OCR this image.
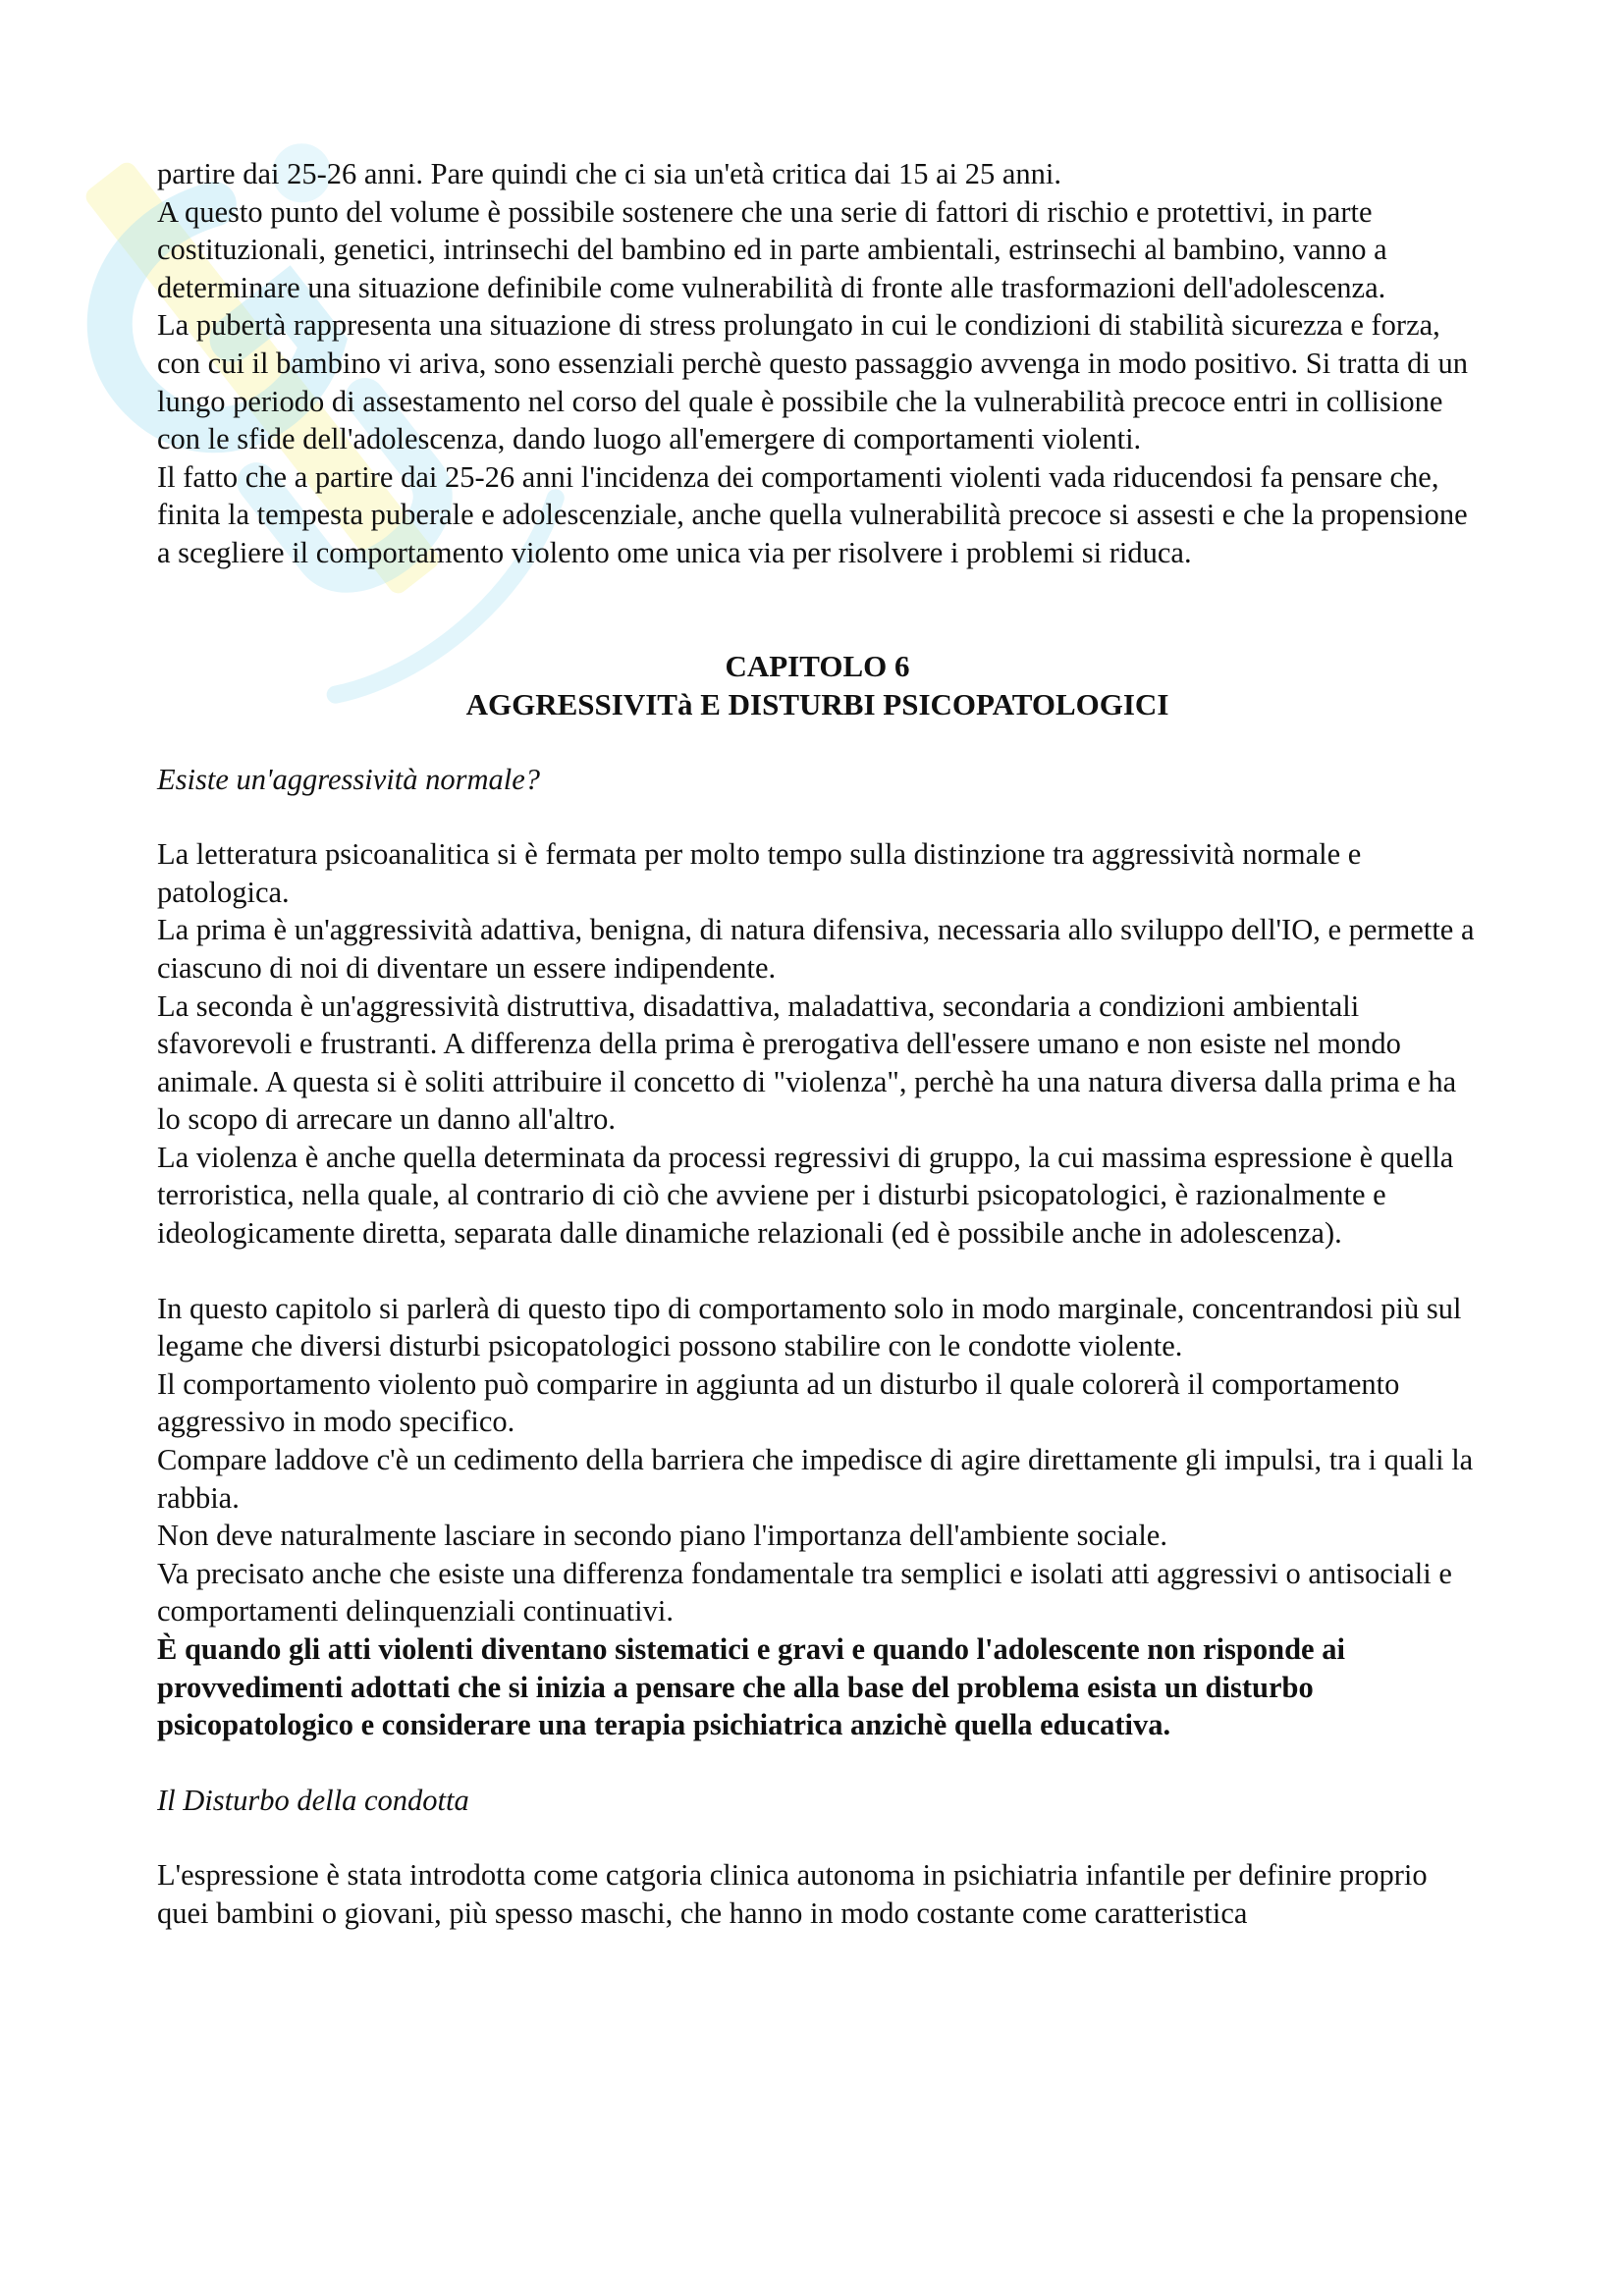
partire dai 25-26 anni. Pare quindi che ci sia un'età critica dai 15 ai 25 anni.

A questo punto del volume è possibile sostenere che una serie di fattori di rischio e protettivi, in parte costituzionali, genetici, intrinsechi del bambino ed in parte ambientali, estrinsechi al bambino, vanno a determinare una situazione definibile come vulnerabilità di fronte alle trasformazioni dell'adolescenza.

La pubertà rappresenta una situazione di stress prolungato in cui le condizioni di stabilità sicurezza e forza, con cui il bambino vi ariva, sono essenziali perchè questo passaggio avvenga in modo positivo. Si tratta di un lungo periodo di assestamento nel corso del quale è possibile che la vulnerabilità precoce entri in collisione con le sfide dell'adolescenza, dando luogo all'emergere di comportamenti violenti.

Il fatto che a partire dai 25-26 anni l'incidenza dei comportamenti violenti vada riducendosi fa pensare che, finita la tempesta puberale e adolescenziale, anche quella vulnerabilità precoce si assesti e che la propensione a scegliere il comportamento violento ome unica via per risolvere i problemi si riduca.

CAPITOLO 6

AGGRESSIVITà E DISTURBI PSICOPATOLOGICI

Esiste un'aggressività normale?

La letteratura psicoanalitica si è fermata per molto tempo sulla distinzione tra aggressività normale e patologica.

La prima è un'aggressività adattiva, benigna, di natura difensiva, necessaria allo sviluppo dell'IO, e permette a ciascuno di noi di diventare un essere indipendente.

La seconda è un'aggressività distruttiva, disadattiva, maladattiva, secondaria a condizioni ambientali sfavorevoli e frustranti. A differenza della prima è prerogativa dell'essere umano e non esiste nel mondo animale. A questa si è soliti attribuire il concetto di "violenza", perchè ha una natura diversa dalla prima e ha lo scopo di arrecare un danno all'altro.

La violenza è anche quella determinata da processi regressivi di gruppo, la cui massima espressione è quella terroristica, nella quale, al contrario di ciò che avviene per i disturbi psicopatologici, è razionalmente e ideologicamente diretta, separata dalle dinamiche relazionali (ed è possibile anche in adolescenza).

In questo capitolo si parlerà di questo tipo di comportamento solo in modo marginale, concentrandosi più sul legame che diversi disturbi psicopatologici possono stabilire con le condotte violente.

Il comportamento violento può comparire in aggiunta ad un disturbo il quale colorerà il comportamento aggressivo in modo specifico.

Compare laddove c'è un cedimento della barriera che impedisce di agire direttamente gli impulsi, tra i quali la rabbia.

Non deve naturalmente lasciare in secondo piano l'importanza dell'ambiente sociale.

Va precisato anche che esiste una differenza fondamentale tra semplici e isolati atti aggressivi o antisociali e comportamenti delinquenziali continuativi.

È quando gli atti violenti diventano sistematici e gravi e quando l'adolescente non risponde ai provvedimenti adottati che si inizia a pensare che alla base del problema esista un disturbo psicopatologico e considerare una terapia psichiatrica anzichè quella educativa.

Il Disturbo della condotta

L'espressione è stata introdotta come catgoria clinica autonoma in psichiatria infantile per definire proprio quei bambini o giovani, più spesso maschi, che hanno in modo costante come caratteristica
